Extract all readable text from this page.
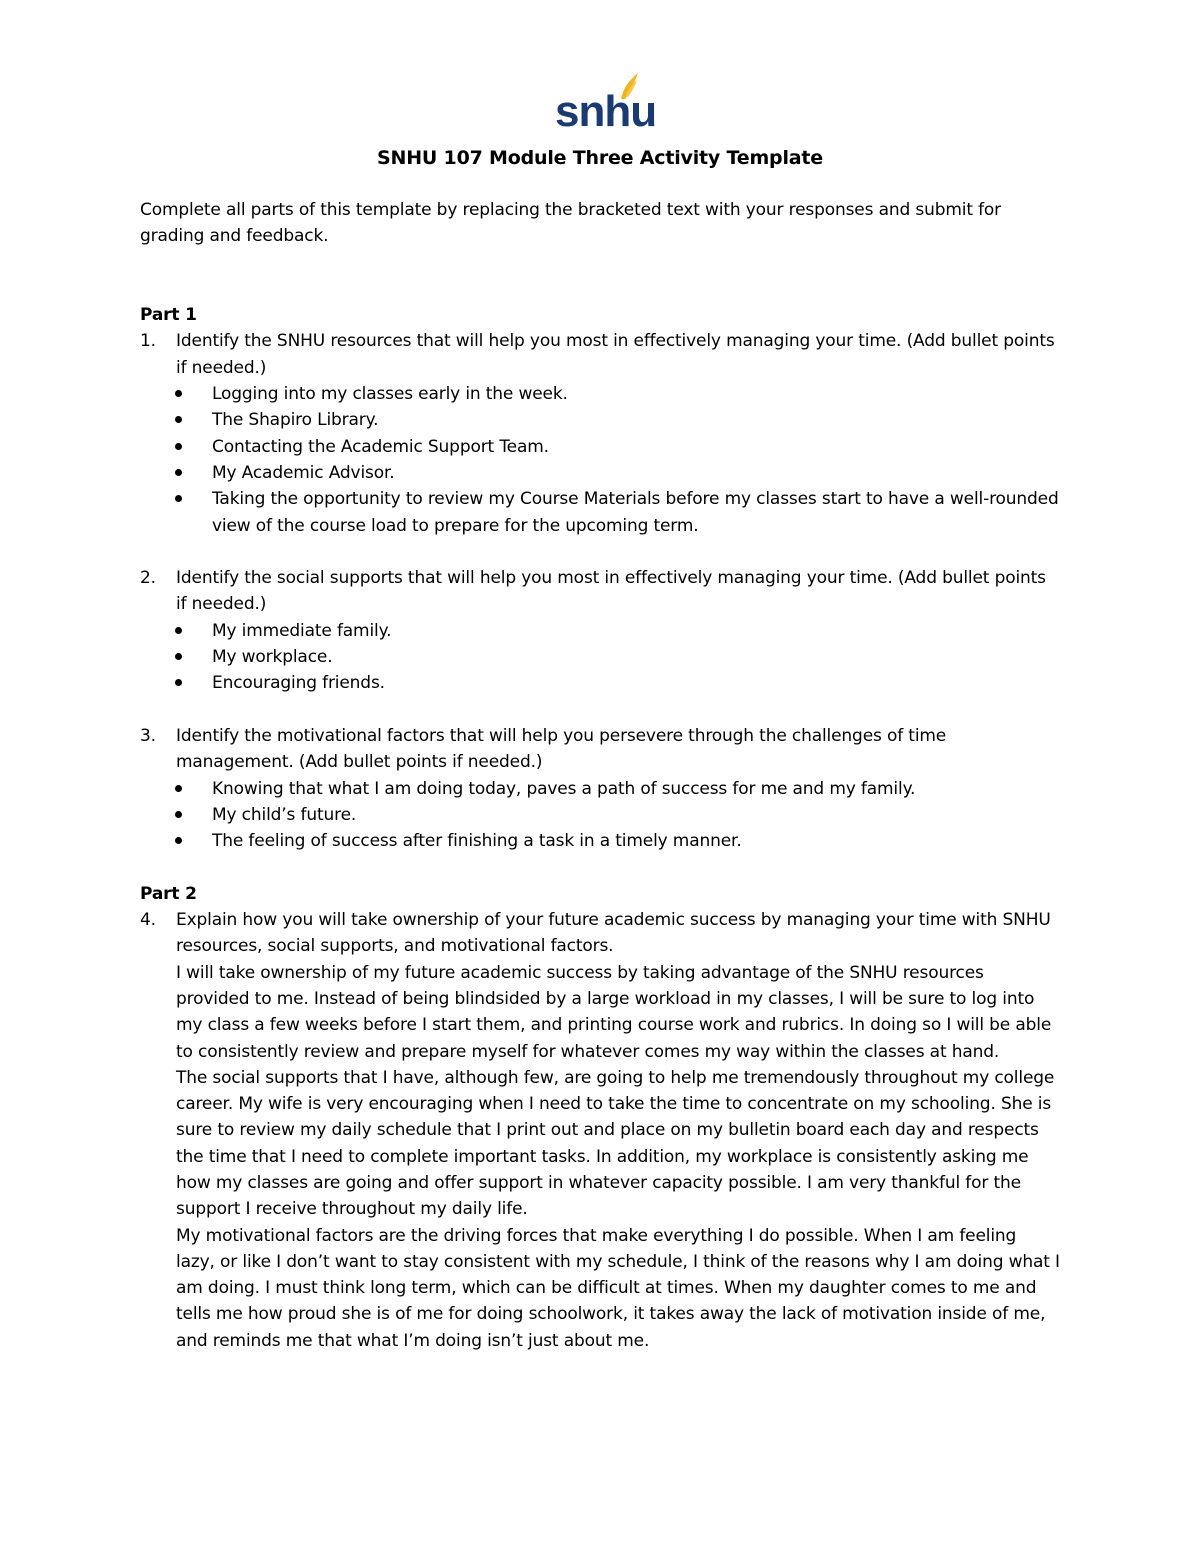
snhu
SNHU 107 Module Three Activity Template

Complete all parts of this template by replacing the bracketed text with your responses and submit for grading and feedback.

Part 1

1. Identify the SNHU resources that will help you most in effectively managing your time. (Add bullet points if needed.)
Logging into my classes early in the week.
The Shapiro Library.
Contacting the Academic Support Team.
My Academic Advisor.
Taking the opportunity to review my Course Materials before my classes start to have a well-rounded view of the course load to prepare for the upcoming term.
2. Identify the social supports that will help you most in effectively managing your time. (Add bullet points if needed.)
My immediate family.
My workplace.
Encouraging friends.
3. Identify the motivational factors that will help you persevere through the challenges of time management. (Add bullet points if needed.)
Knowing that what I am doing today, paves a path of success for me and my family.
My child’s future.
The feeling of success after finishing a task in a timely manner.

Part 2

4. Explain how you will take ownership of your future academic success by managing your time with SNHU resources, social supports, and motivational factors.

I will take ownership of my future academic success by taking advantage of the SNHU resources provided to me. Instead of being blindsided by a large workload in my classes, I will be sure to log into my class a few weeks before I start them, and printing course work and rubrics. In doing so I will be able to consistently review and prepare myself for whatever comes my way within the classes at hand.

The social supports that I have, although few, are going to help me tremendously throughout my college career. My wife is very encouraging when I need to take the time to concentrate on my schooling. She is sure to review my daily schedule that I print out and place on my bulletin board each day and respects the time that I need to complete important tasks. In addition, my workplace is consistently asking me how my classes are going and offer support in whatever capacity possible. I am very thankful for the support I receive throughout my daily life.

My motivational factors are the driving forces that make everything I do possible. When I am feeling lazy, or like I don’t want to stay consistent with my schedule, I think of the reasons why I am doing what I am doing. I must think long term, which can be difficult at times. When my daughter comes to me and tells me how proud she is of me for doing schoolwork, it takes away the lack of motivation inside of me, and reminds me that what I’m doing isn’t just about me.
